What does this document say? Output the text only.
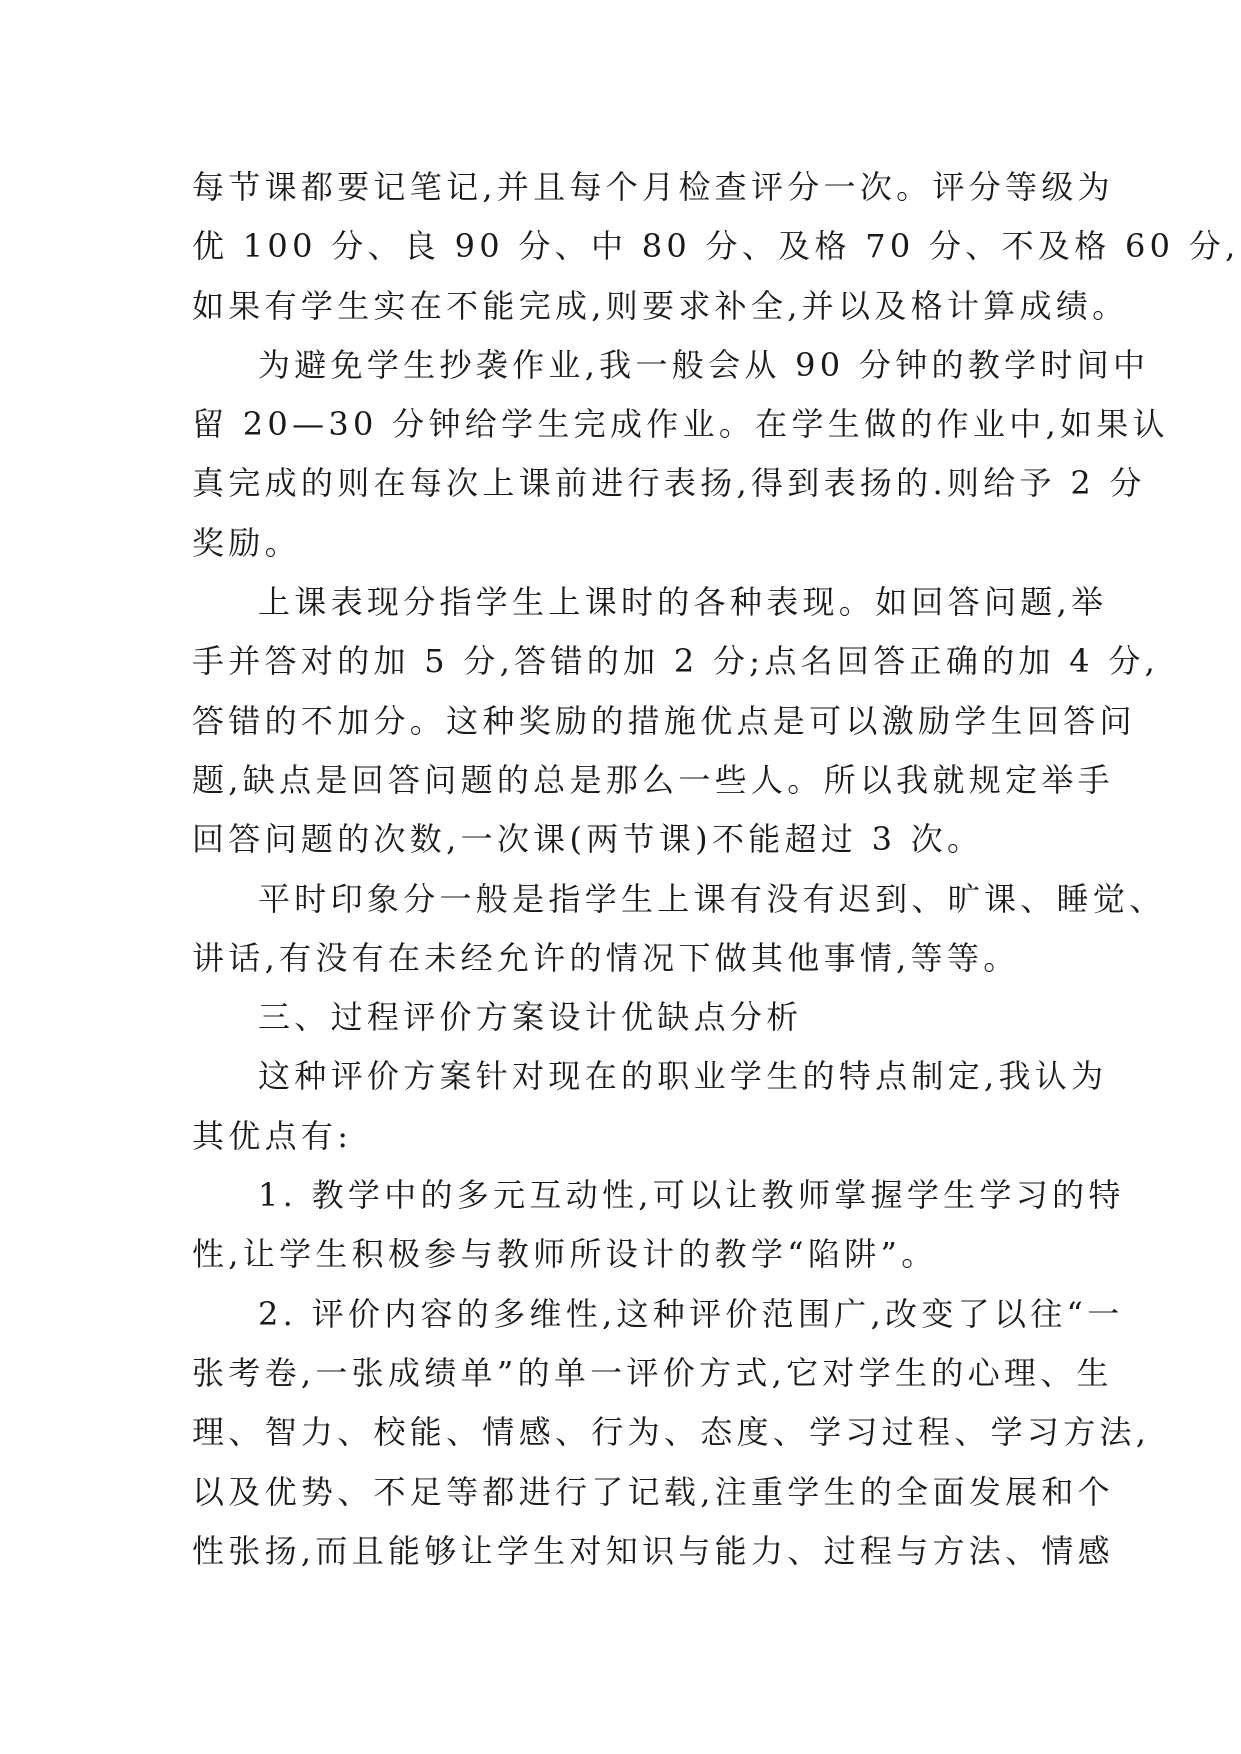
每节课都要记笔记,并且每个月检查评分一次。评分等级为
优 100 分、良 90 分、中 80 分、及格 70 分、不及格 60 分,
如果有学生实在不能完成,则要求补全,并以及格计算成绩。
为避免学生抄袭作业,我一般会从 90 分钟的教学时间中
留 20—30 分钟给学生完成作业。在学生做的作业中,如果认
真完成的则在每次上课前进行表扬,得到表扬的.则给予 2 分
奖励。
上课表现分指学生上课时的各种表现。如回答问题,举
手并答对的加 5 分,答错的加 2 分;点名回答正确的加 4 分,
答错的不加分。这种奖励的措施优点是可以激励学生回答问
题,缺点是回答问题的总是那么一些人。所以我就规定举手
回答问题的次数,一次课(两节课)不能超过 3 次。
平时印象分一般是指学生上课有没有迟到、旷课、睡觉、
讲话,有没有在未经允许的情况下做其他事情,等等。
三、过程评价方案设计优缺点分析
这种评价方案针对现在的职业学生的特点制定,我认为
其优点有:
1. 教学中的多元互动性,可以让教师掌握学生学习的特
性,让学生积极参与教师所设计的教学“陷阱”。
2. 评价内容的多维性,这种评价范围广,改变了以往“一
张考卷,一张成绩单”的单一评价方式,它对学生的心理、生
理、智力、校能、情感、行为、态度、学习过程、学习方法,
以及优势、不足等都进行了记载,注重学生的全面发展和个
性张扬,而且能够让学生对知识与能力、过程与方法、情感
